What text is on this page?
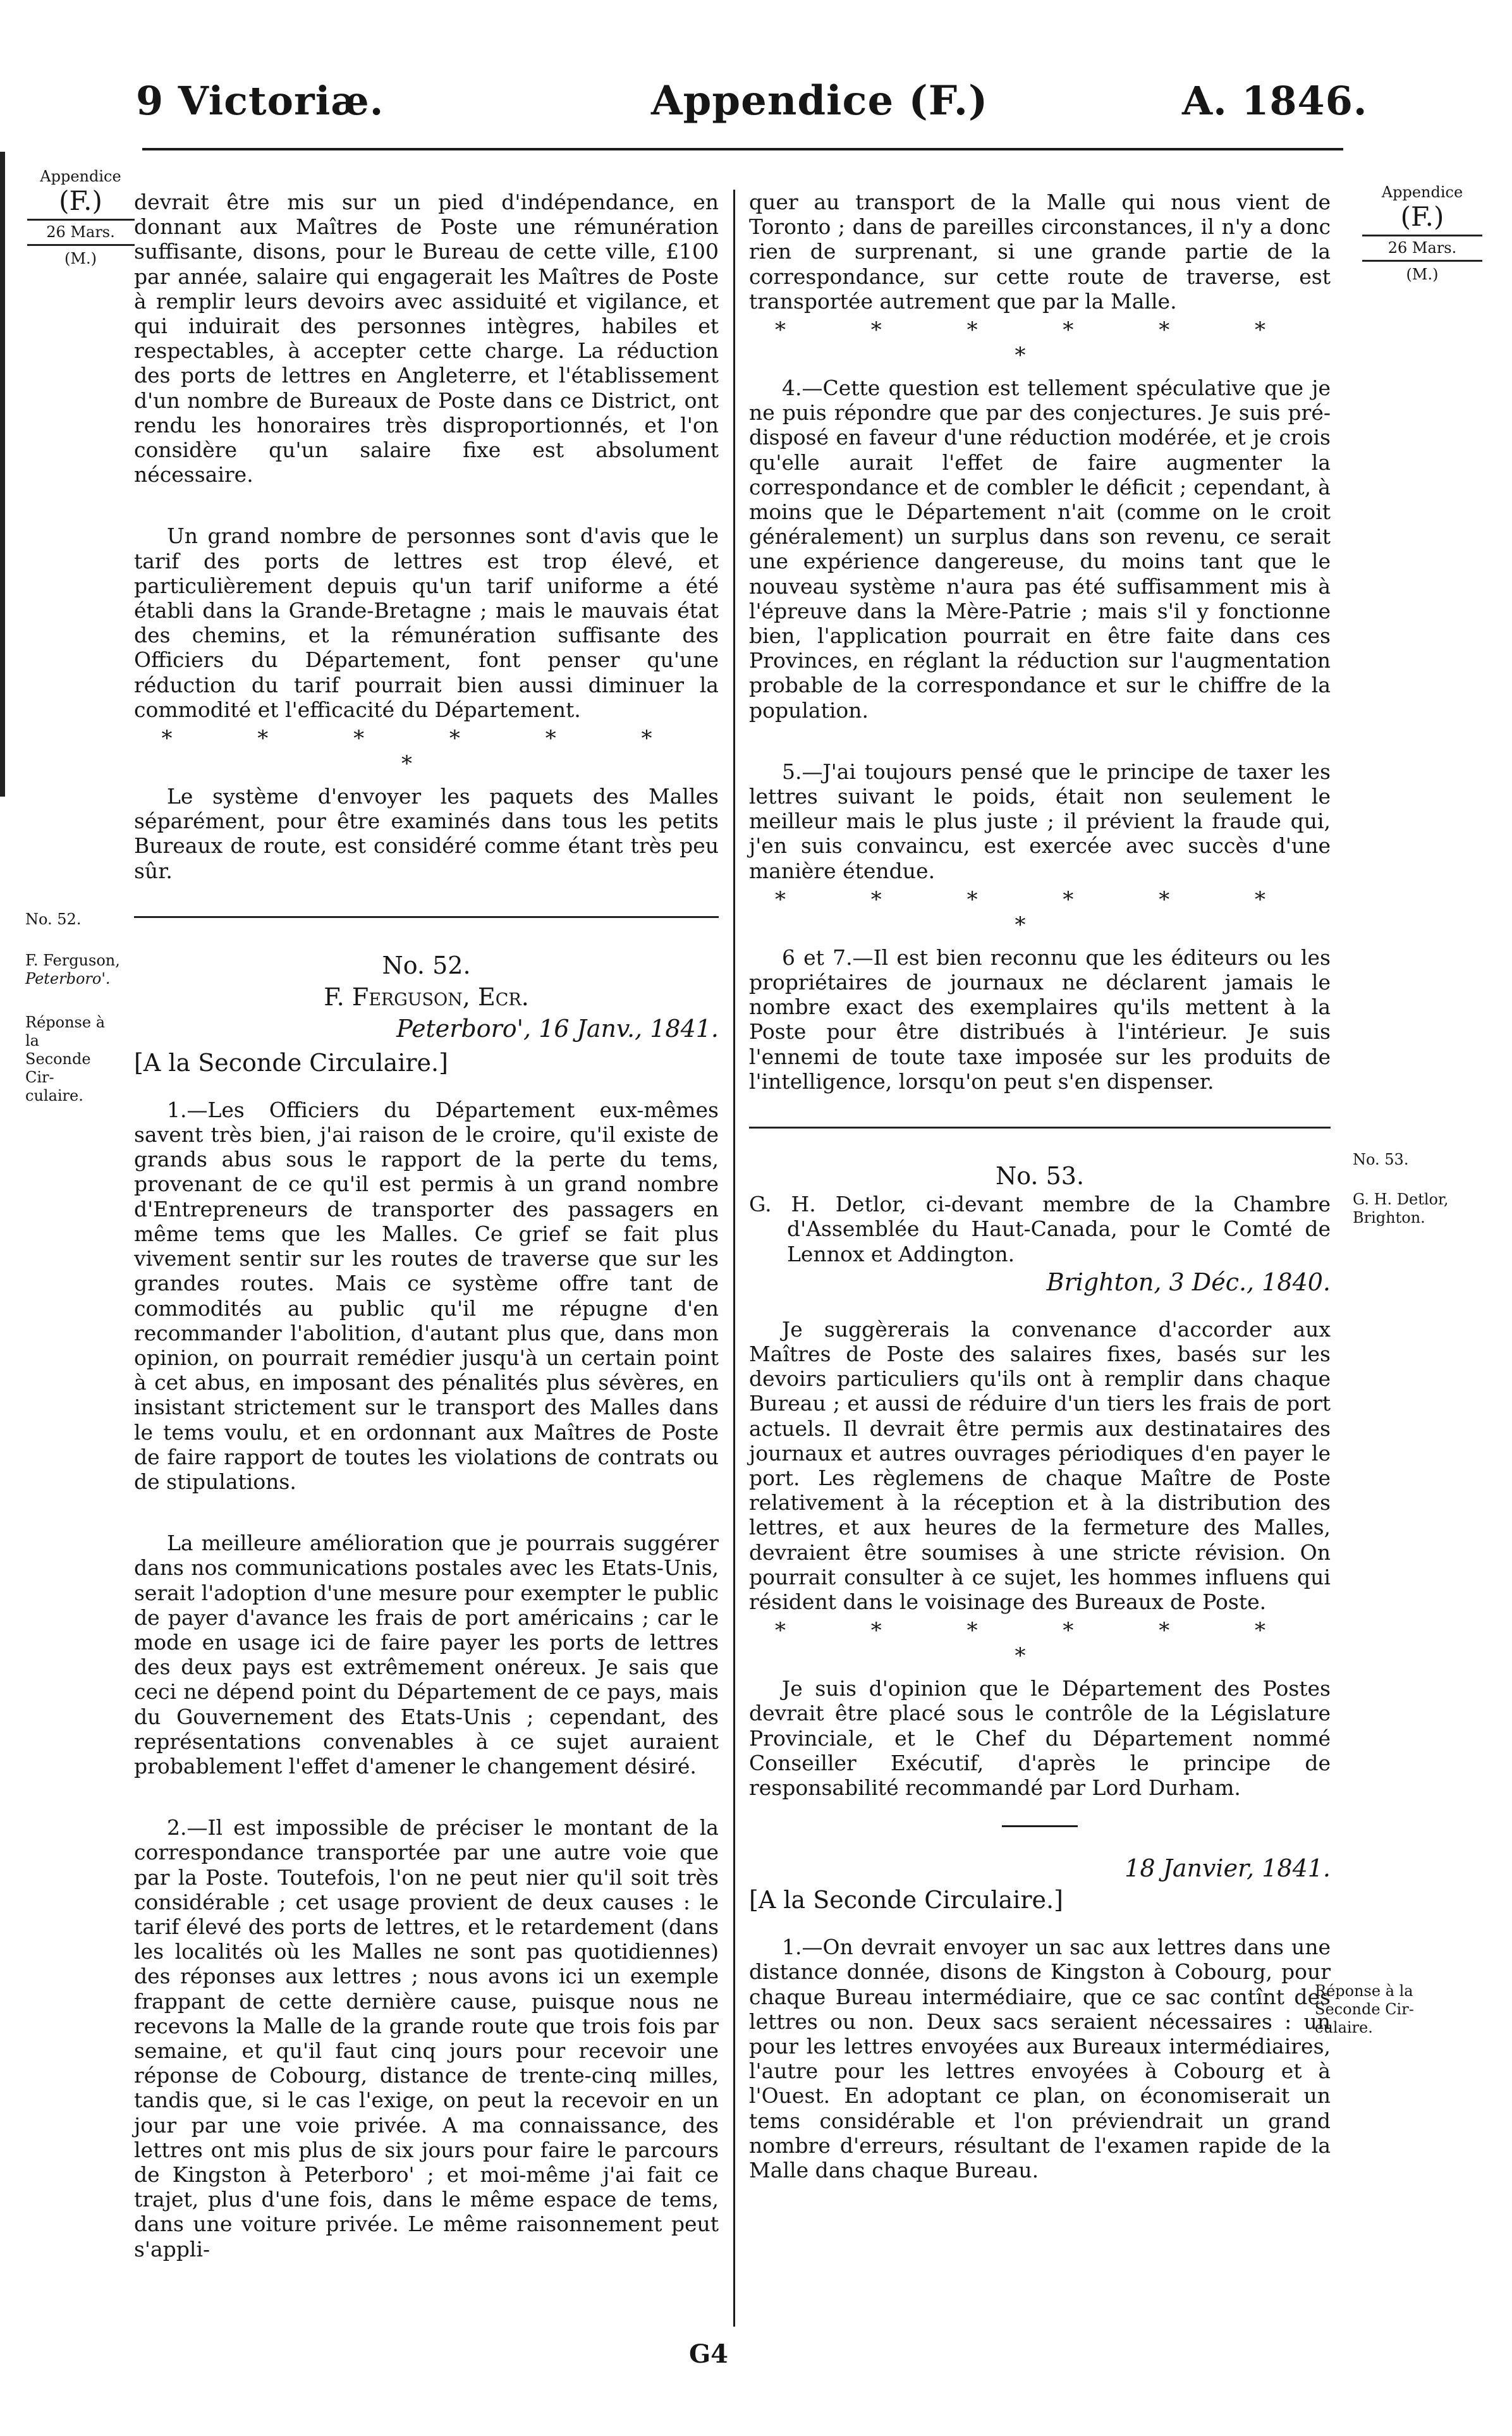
9 Victoriæ.	Appendice (F.)	A. 1846.
Appendice
(F.)
26 Mars.
(M.)
No. 52.
F. Ferguson,
Peterboro'.
Réponse à la
Seconde Cir-
culaire.
Appendice
(F.)
26 Mars.
(M.)
No. 53.
G. H. Detlor,
Brighton.
Réponse à la
Seconde Cir-
culaire.

devrait être mis sur un pied d'indépendance, en donnant aux Maîtres de Poste une rémunération suffisante, disons, pour le Bureau de cette ville, £100 par année, salaire qui engagerait les Maîtres de Poste à remplir leurs devoirs avec assiduité et vigilance, et qui induirait des personnes intègres, habiles et respectables, à accepter cette charge. La réduction des ports de lettres en Angleterre, et l'établissement d'un nombre de Bureaux de Poste dans ce District, ont rendu les honoraires très disproportionnés, et l'on considère qu'un salaire fixe est absolument nécessaire.

Un grand nombre de personnes sont d'avis que le tarif des ports de lettres est trop élevé, et particulièrement depuis qu'un tarif uniforme a été établi dans la Grande-Bretagne ; mais le mauvais état des chemins, et la rémunération suffisante des Officiers du Département, font penser qu'une réduction du tarif pourrait bien aussi diminuer la commodité et l'efficacité du Département.

* * * * * * *

Le système d'envoyer les paquets des Malles séparément, pour être examinés dans tous les petits Bureaux de route, est considéré comme étant très peu sûr.

No. 52.
F. Ferguson, Ecr.
Peterboro', 16 Janv., 1841.
[A la Seconde Circulaire.]

1.—Les Officiers du Département eux-mêmes savent très bien, j'ai raison de le croire, qu'il existe de grands abus sous le rapport de la perte du tems, provenant de ce qu'il est permis à un grand nombre d'Entrepreneurs de transporter des passagers en même tems que les Malles. Ce grief se fait plus vivement sentir sur les routes de traverse que sur les grandes routes. Mais ce système offre tant de commodités au public qu'il me répugne d'en recommander l'abolition, d'autant plus que, dans mon opinion, on pourrait remédier jusqu'à un certain point à cet abus, en imposant des pénalités plus sévères, en insistant strictement sur le transport des Malles dans le tems voulu, et en ordonnant aux Maîtres de Poste de faire rapport de toutes les violations de contrats ou de stipulations.

La meilleure amélioration que je pourrais suggérer dans nos communications postales avec les Etats-Unis, serait l'adoption d'une mesure pour exempter le public de payer d'avance les frais de port américains ; car le mode en usage ici de faire payer les ports de lettres des deux pays est extrêmement onéreux. Je sais que ceci ne dépend point du Département de ce pays, mais du Gouvernement des Etats-Unis ; cependant, des représentations convenables à ce sujet auraient probablement l'effet d'amener le changement désiré.

2.—Il est impossible de préciser le montant de la correspondance transportée par une autre voie que par la Poste. Toutefois, l'on ne peut nier qu'il soit très considérable ; cet usage provient de deux causes : le tarif élevé des ports de lettres, et le retardement (dans les localités où les Malles ne sont pas quotidiennes) des réponses aux lettres ; nous avons ici un exemple frappant de cette dernière cause, puisque nous ne recevons la Malle de la grande route que trois fois par semaine, et qu'il faut cinq jours pour recevoir une réponse de Cobourg, distance de trente-cinq milles, tandis que, si le cas l'exige, on peut la recevoir en un jour par une voie privée. A ma connaissance, des lettres ont mis plus de six jours pour faire le parcours de Kingston à Peterboro' ; et moi-même j'ai fait ce trajet, plus d'une fois, dans le même espace de tems, dans une voiture privée. Le même raisonnement peut s'appli-

quer au transport de la Malle qui nous vient de Toronto ; dans de pareilles circonstances, il n'y a donc rien de surprenant, si une grande partie de la correspondance, sur cette route de traverse, est transportée autrement que par la Malle.

* * * * * * *

4.—Cette question est tellement spéculative que je ne puis répondre que par des conjectures. Je suis pré-disposé en faveur d'une réduction modérée, et je crois qu'elle aurait l'effet de faire augmenter la correspondance et de combler le déficit ; cependant, à moins que le Département n'ait (comme on le croit généralement) un surplus dans son revenu, ce serait une expérience dangereuse, du moins tant que le nouveau système n'aura pas été suffisamment mis à l'épreuve dans la Mère-Patrie ; mais s'il y fonctionne bien, l'application pourrait en être faite dans ces Provinces, en réglant la réduction sur l'augmentation probable de la correspondance et sur le chiffre de la population.

5.—J'ai toujours pensé que le principe de taxer les lettres suivant le poids, était non seulement le meilleur mais le plus juste ; il prévient la fraude qui, j'en suis convaincu, est exercée avec succès d'une manière étendue.

* * * * * * *

6 et 7.—Il est bien reconnu que les éditeurs ou les propriétaires de journaux ne déclarent jamais le nombre exact des exemplaires qu'ils mettent à la Poste pour être distribués à l'intérieur. Je suis l'ennemi de toute taxe imposée sur les produits de l'intelligence, lorsqu'on peut s'en dispenser.

No. 53.

G. H. Detlor, ci-devant membre de la Chambre d'Assemblée du Haut-Canada, pour le Comté de Lennox et Addington.

Brighton, 3 Déc., 1840.

Je suggèrerais la convenance d'accorder aux Maîtres de Poste des salaires fixes, basés sur les devoirs particuliers qu'ils ont à remplir dans chaque Bureau ; et aussi de réduire d'un tiers les frais de port actuels. Il devrait être permis aux destinataires des journaux et autres ouvrages périodiques d'en payer le port. Les règlemens de chaque Maître de Poste relativement à la réception et à la distribution des lettres, et aux heures de la fermeture des Malles, devraient être soumises à une stricte révision. On pourrait consulter à ce sujet, les hommes influens qui résident dans le voisinage des Bureaux de Poste.

* * * * * * *

Je suis d'opinion que le Département des Postes devrait être placé sous le contrôle de la Législature Provinciale, et le Chef du Département nommé Conseiller Exécutif, d'après le principe de responsabilité recommandé par Lord Durham.

18 Janvier, 1841.
[A la Seconde Circulaire.]

1.—On devrait envoyer un sac aux lettres dans une distance donnée, disons de Kingston à Cobourg, pour chaque Bureau intermédiaire, que ce sac contînt des lettres ou non. Deux sacs seraient nécessaires : un pour les lettres envoyées aux Bureaux intermédiaires, l'autre pour les lettres envoyées à Cobourg et à l'Ouest. En adoptant ce plan, on économiserait un tems considérable et l'on préviendrait un grand nombre d'erreurs, résultant de l'examen rapide de la Malle dans chaque Bureau.

G4
